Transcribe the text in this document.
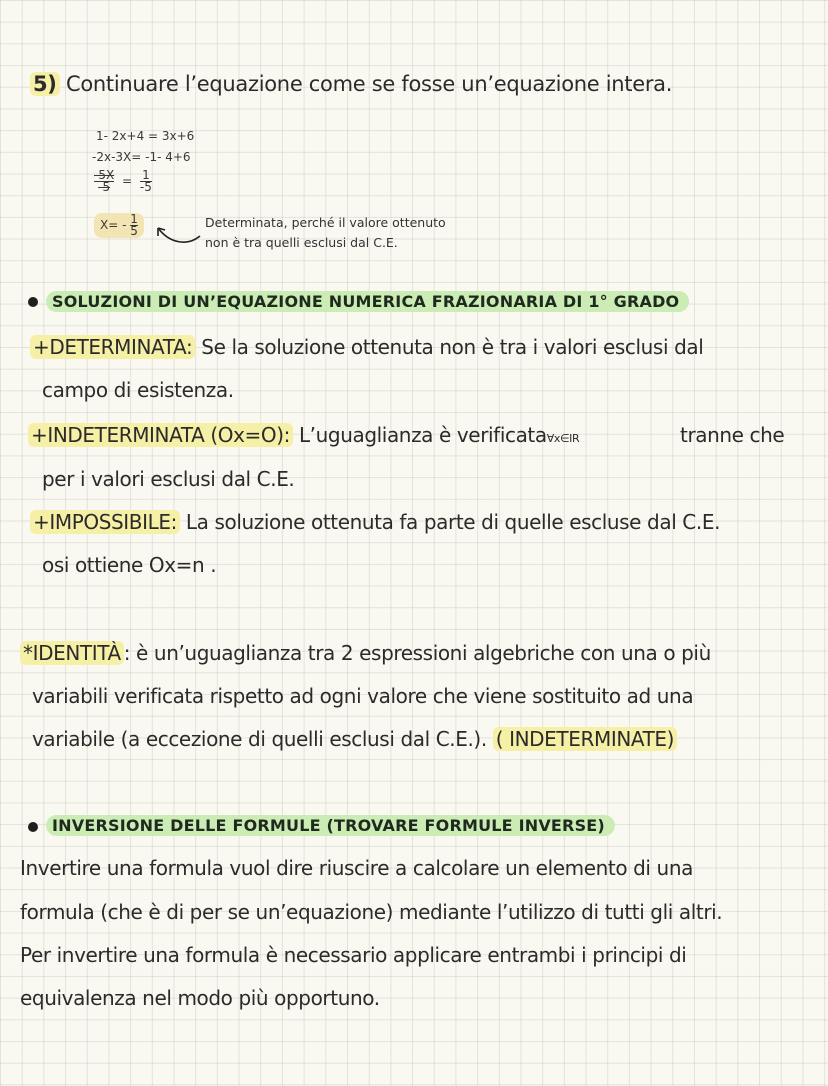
5) Continuare l’equazione come se fosse un’equazione intera.
1- 2x+4 = 3x+6
-2x-3X= -1- 4+6
$\frac{-5X}{-5} = \frac{1}{-5}$
$X= - \frac{1}{5}$	Determinata, perché il valore ottenuto
non è tra quelli esclusi dal C.E.
SOLUZIONI DI UN’EQUAZIONE NUMERICA FRAZIONARIA DI 1° GRADO
+DETERMINATA: Se la soluzione ottenuta non è tra i valori esclusi dal
campo di esistenza.
+INDETERMINATA (Ox=O): L’uguaglianza è verificata∀x∈IR	tranne che
per i valori esclusi dal C.E.
+IMPOSSIBILE: La soluzione ottenuta fa parte di quelle escluse dal C.E.
osi ottiene Ox=n .
*IDENTITÀ : è un’uguaglianza tra 2 espressioni algebriche con una o più
variabili verificata rispetto ad ogni valore che viene sostituito ad una
variabile (a eccezione di quelli esclusi dal C.E.). ( INDETERMINATE)
INVERSIONE DELLE FORMULE (TROVARE FORMULE INVERSE)
Invertire una formula vuol dire riuscire a calcolare un elemento di una
formula (che è di per se un’equazione) mediante l’utilizzo di tutti gli altri.
Per invertire una formula è necessario applicare entrambi i principi di
equivalenza nel modo più opportuno.
